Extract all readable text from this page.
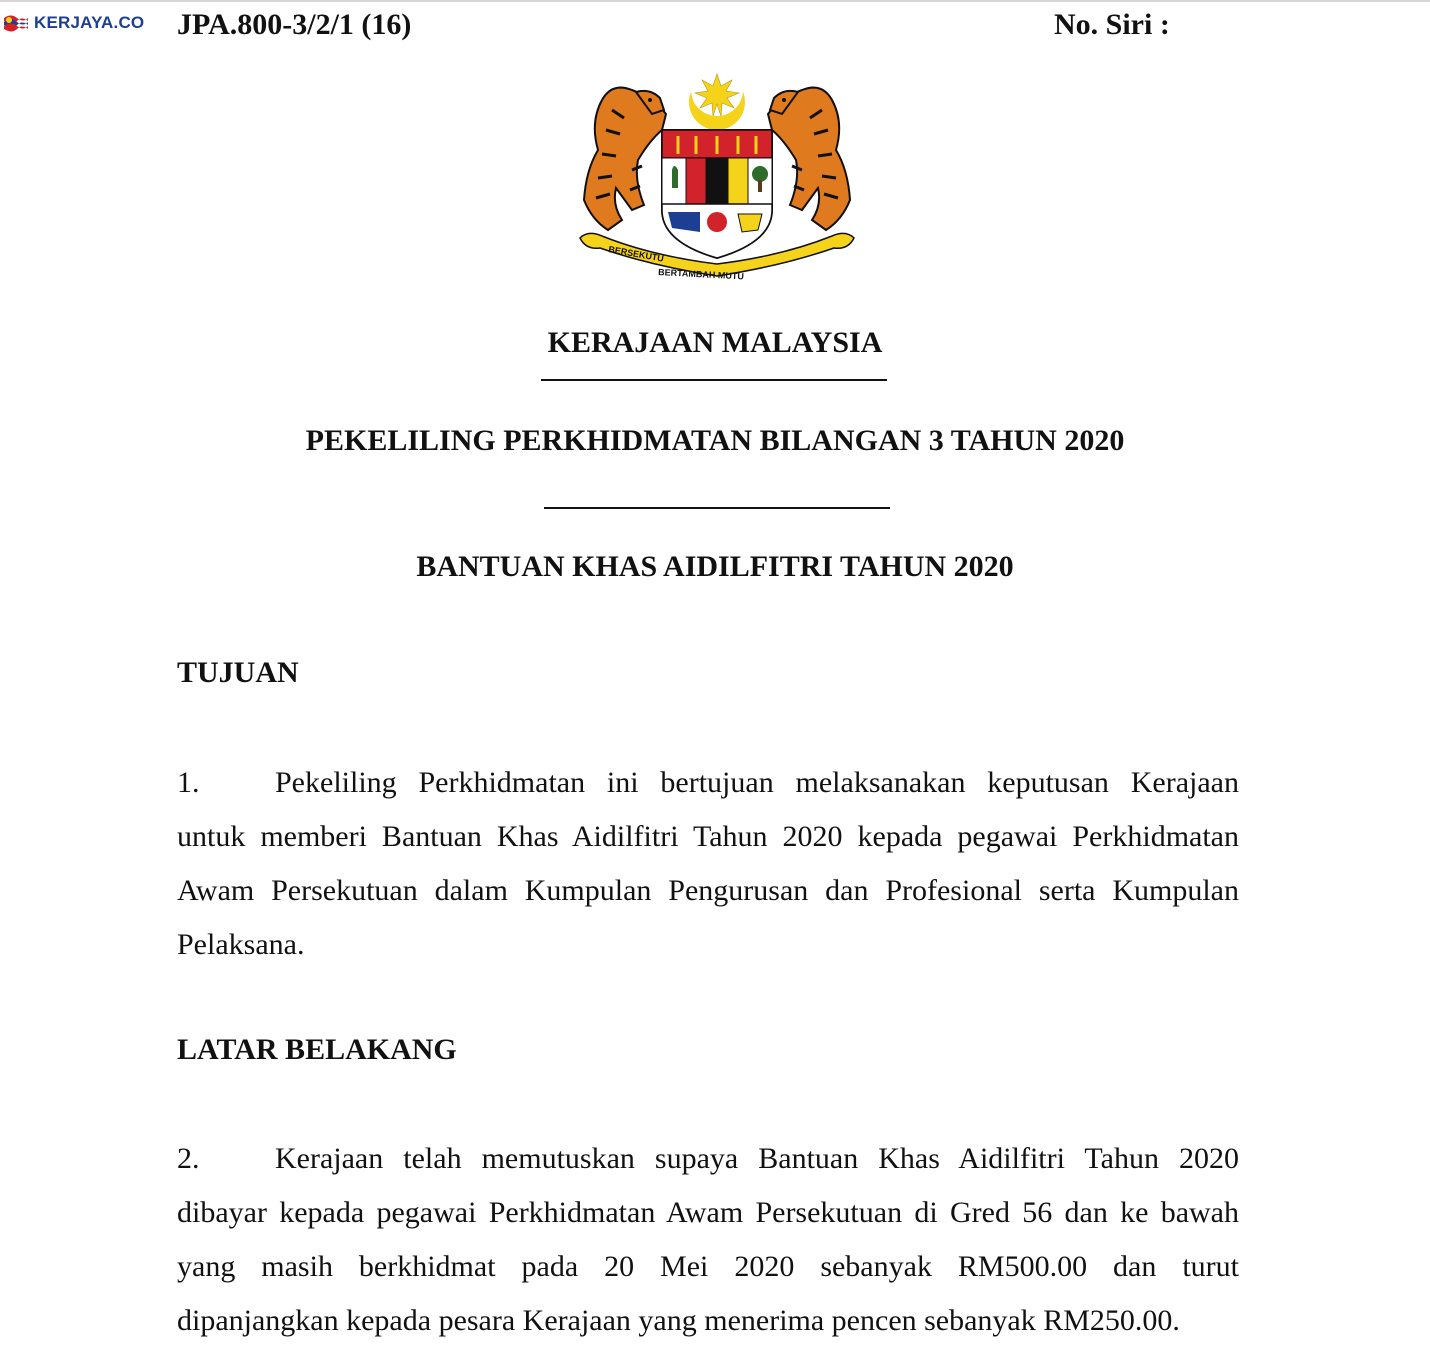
KERJAYA.CO JPA.800-3/2/1 (16)	No. Siri :
BERSEKUTU
BERTAMBAH MUTU
KERAJAAN MALAYSIA
PEKELILING PERKHIDMATAN BILANGAN 3 TAHUN 2020
BANTUAN KHAS AIDILFITRI TAHUN 2020
TUJUAN
1.	Pekeliling Perkhidmatan ini bertujuan melaksanakan keputusan Kerajaan
untuk memberi Bantuan Khas Aidilfitri Tahun 2020 kepada pegawai Perkhidmatan
Awam Persekutuan dalam Kumpulan Pengurusan dan Profesional serta Kumpulan
Pelaksana.
LATAR BELAKANG
2.	Kerajaan telah memutuskan supaya Bantuan Khas Aidilfitri Tahun 2020
dibayar kepada pegawai Perkhidmatan Awam Persekutuan di Gred 56 dan ke bawah
yang masih berkhidmat pada 20 Mei 2020 sebanyak RM500.00 dan turut
dipanjangkan kepada pesara Kerajaan yang menerima pencen sebanyak RM250.00.
